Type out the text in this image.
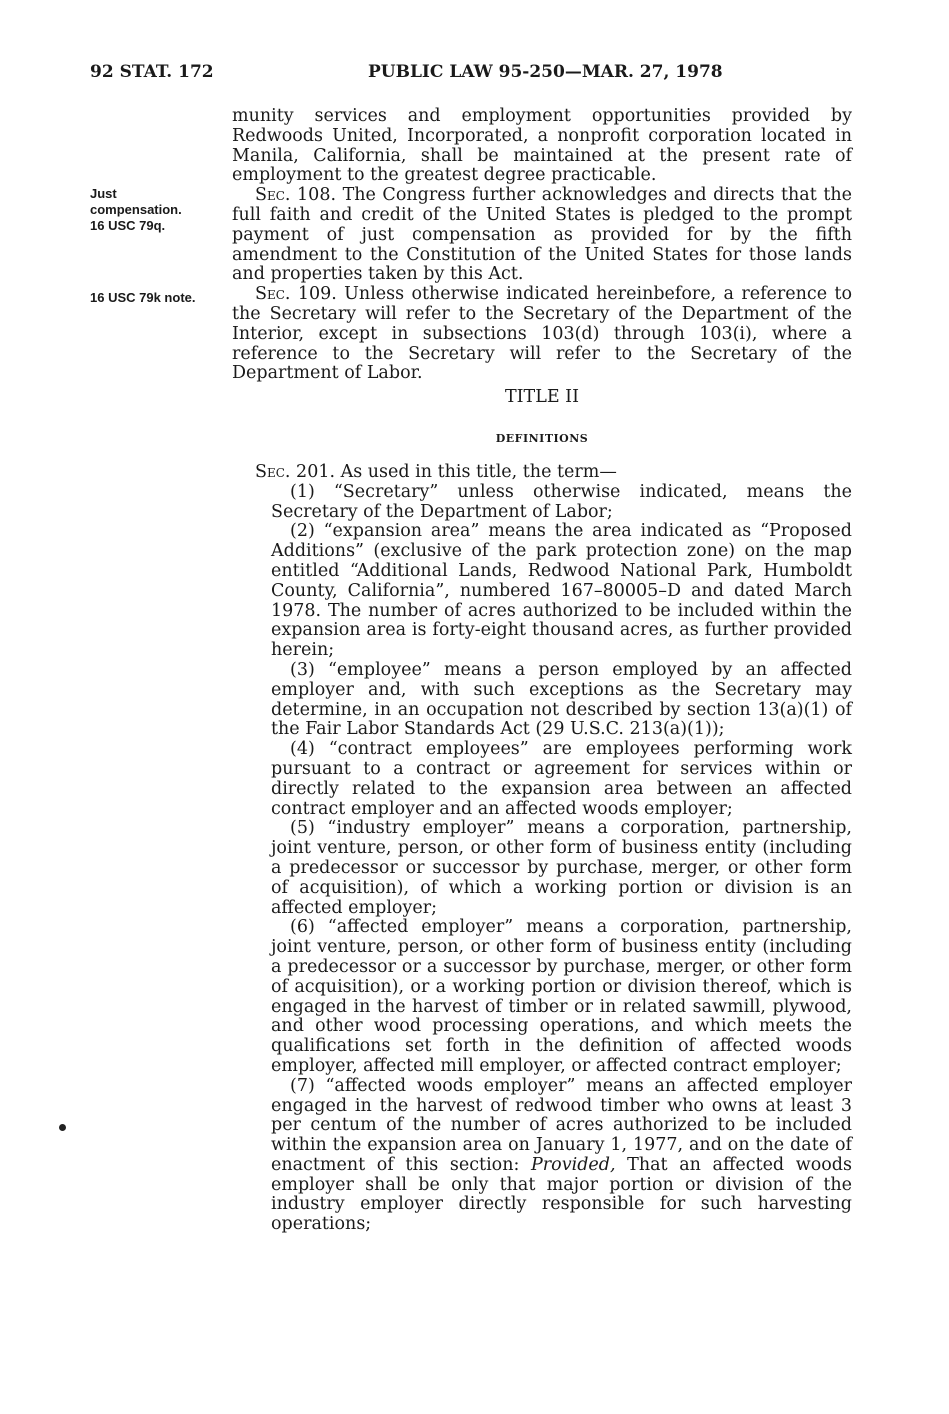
92 STAT. 172	PUBLIC LAW 95-250—MAR. 27, 1978
Just
compensation.
16 USC 79q.
16 USC 79k note.

munity services and employment opportunities provided by Redwoods United, Incorporated, a nonprofit corporation located in Manila, California, shall be maintained at the present rate of employment to the greatest degree practicable.

Sec. 108. The Congress further acknowledges and directs that the full faith and credit of the United States is pledged to the prompt payment of just compensation as provided for by the fifth amendment to the Constitution of the United States for those lands and properties taken by this Act.

Sec. 109. Unless otherwise indicated hereinbefore, a reference to the Secretary will refer to the Secretary of the Department of the Interior, except in subsections 103(d) through 103(i), where a reference to the Secretary will refer to the Secretary of the Department of Labor.

TITLE II
DEFINITIONS

Sec. 201. As used in this title, the term—

(1) “Secretary” unless otherwise indicated, means the Secretary of the Department of Labor;

(2) “expansion area” means the area indicated as “Proposed Additions” (exclusive of the park protection zone) on the map entitled “Additional Lands, Redwood National Park, Humboldt County, California”, numbered 167–80005–D and dated March 1978. The number of acres authorized to be included within the expansion area is forty-eight thousand acres, as further provided herein;

(3) “employee” means a person employed by an affected employer and, with such exceptions as the Secretary may determine, in an occupation not described by section 13(a)(1) of the Fair Labor Standards Act (29 U.S.C. 213(a)(1));

(4) “contract employees” are employees performing work pursuant to a contract or agreement for services within or directly related to the expansion area between an affected contract employer and an affected woods employer;

(5) “industry employer” means a corporation, partnership, joint venture, person, or other form of business entity (including a predecessor or successor by purchase, merger, or other form of acquisition), of which a working portion or division is an affected employer;

(6) “affected employer” means a corporation, partnership, joint venture, person, or other form of business entity (including a predecessor or a successor by purchase, merger, or other form of acquisition), or a working portion or division thereof, which is engaged in the harvest of timber or in related sawmill, plywood, and other wood processing operations, and which meets the qualifications set forth in the definition of affected woods employer, affected mill employer, or affected contract employer;

(7) “affected woods employer” means an affected employer engaged in the harvest of redwood timber who owns at least 3 per centum of the number of acres authorized to be included within the expansion area on January 1, 1977, and on the date of enactment of this section: Provided, That an affected woods employer shall be only that major portion or division of the industry employer directly responsible for such harvesting operations;
